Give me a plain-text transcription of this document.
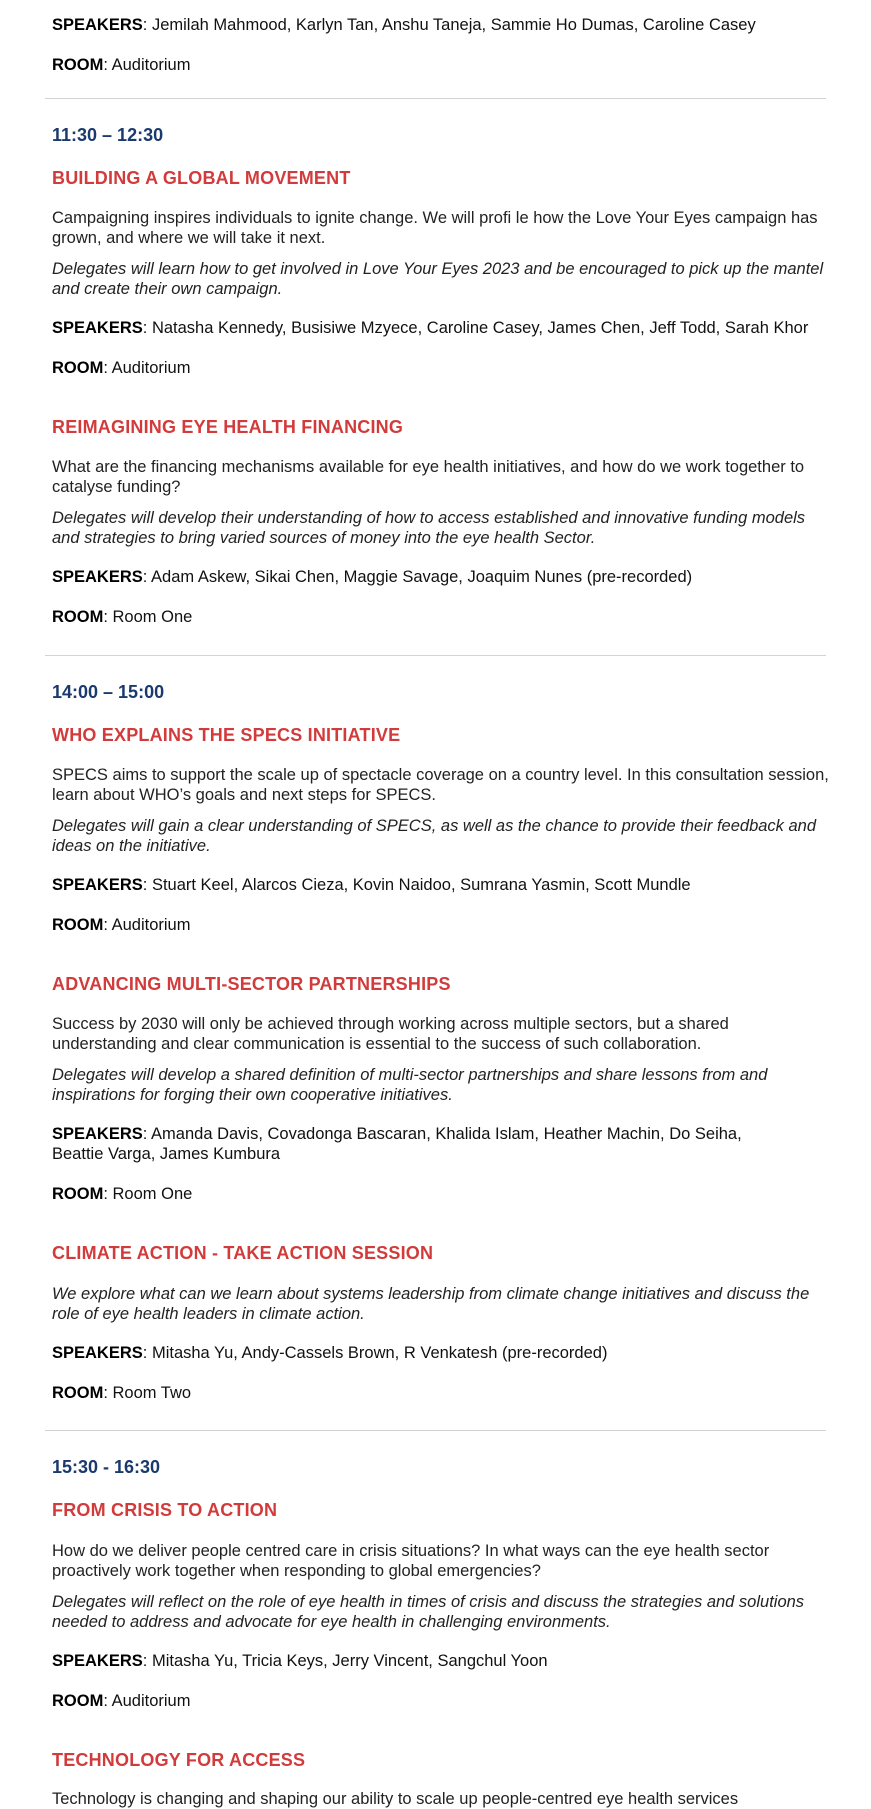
SPEAKERS: Jemilah Mahmood, Karlyn Tan, Anshu Taneja, Sammie Ho Dumas, Caroline Casey
ROOM: Auditorium
11:30 – 12:30
BUILDING A GLOBAL MOVEMENT
Campaigning inspires individuals to ignite change. We will profi le how the Love Your Eyes campaign has grown, and where we will take it next.
Delegates will learn how to get involved in Love Your Eyes 2023 and be encouraged to pick up the mantel and create their own campaign.
SPEAKERS: Natasha Kennedy, Busisiwe Mzyece, Caroline Casey, James Chen, Jeff Todd, Sarah Khor
ROOM: Auditorium
REIMAGINING EYE HEALTH FINANCING
What are the financing mechanisms available for eye health initiatives, and how do we work together to catalyse funding?
Delegates will develop their understanding of how to access established and innovative funding models and strategies to bring varied sources of money into the eye health Sector.
SPEAKERS: Adam Askew, Sikai Chen, Maggie Savage, Joaquim Nunes (pre-recorded)
ROOM: Room One
14:00 – 15:00
WHO EXPLAINS THE SPECS INITIATIVE
SPECS aims to support the scale up of spectacle coverage on a country level. In this consultation session, learn about WHO’s goals and next steps for SPECS.
Delegates will gain a clear understanding of SPECS, as well as the chance to provide their feedback and ideas on the initiative.
SPEAKERS: Stuart Keel, Alarcos Cieza, Kovin Naidoo, Sumrana Yasmin, Scott Mundle
ROOM: Auditorium
ADVANCING MULTI-SECTOR PARTNERSHIPS
Success by 2030 will only be achieved through working across multiple sectors, but a shared understanding and clear communication is essential to the success of such collaboration.
Delegates will develop a shared definition of multi-sector partnerships and share lessons from and inspirations for forging their own cooperative initiatives.
SPEAKERS: Amanda Davis, Covadonga Bascaran, Khalida Islam, Heather Machin, Do Seiha, Beattie Varga, James Kumbura
ROOM: Room One
CLIMATE ACTION - TAKE ACTION SESSION
We explore what can we learn about systems leadership from climate change initiatives and discuss the role of eye health leaders in climate action.
SPEAKERS: Mitasha Yu, Andy-Cassels Brown, R Venkatesh (pre-recorded)
ROOM: Room Two
15:30 - 16:30
FROM CRISIS TO ACTION
How do we deliver people centred care in crisis situations? In what ways can the eye health sector proactively work together when responding to global emergencies?
Delegates will reflect on the role of eye health in times of crisis and discuss the strategies and solutions needed to address and advocate for eye health in challenging environments.
SPEAKERS: Mitasha Yu, Tricia Keys, Jerry Vincent, Sangchul Yoon
ROOM: Auditorium
TECHNOLOGY FOR ACCESS
Technology is changing and shaping our ability to scale up people-centred eye health services
